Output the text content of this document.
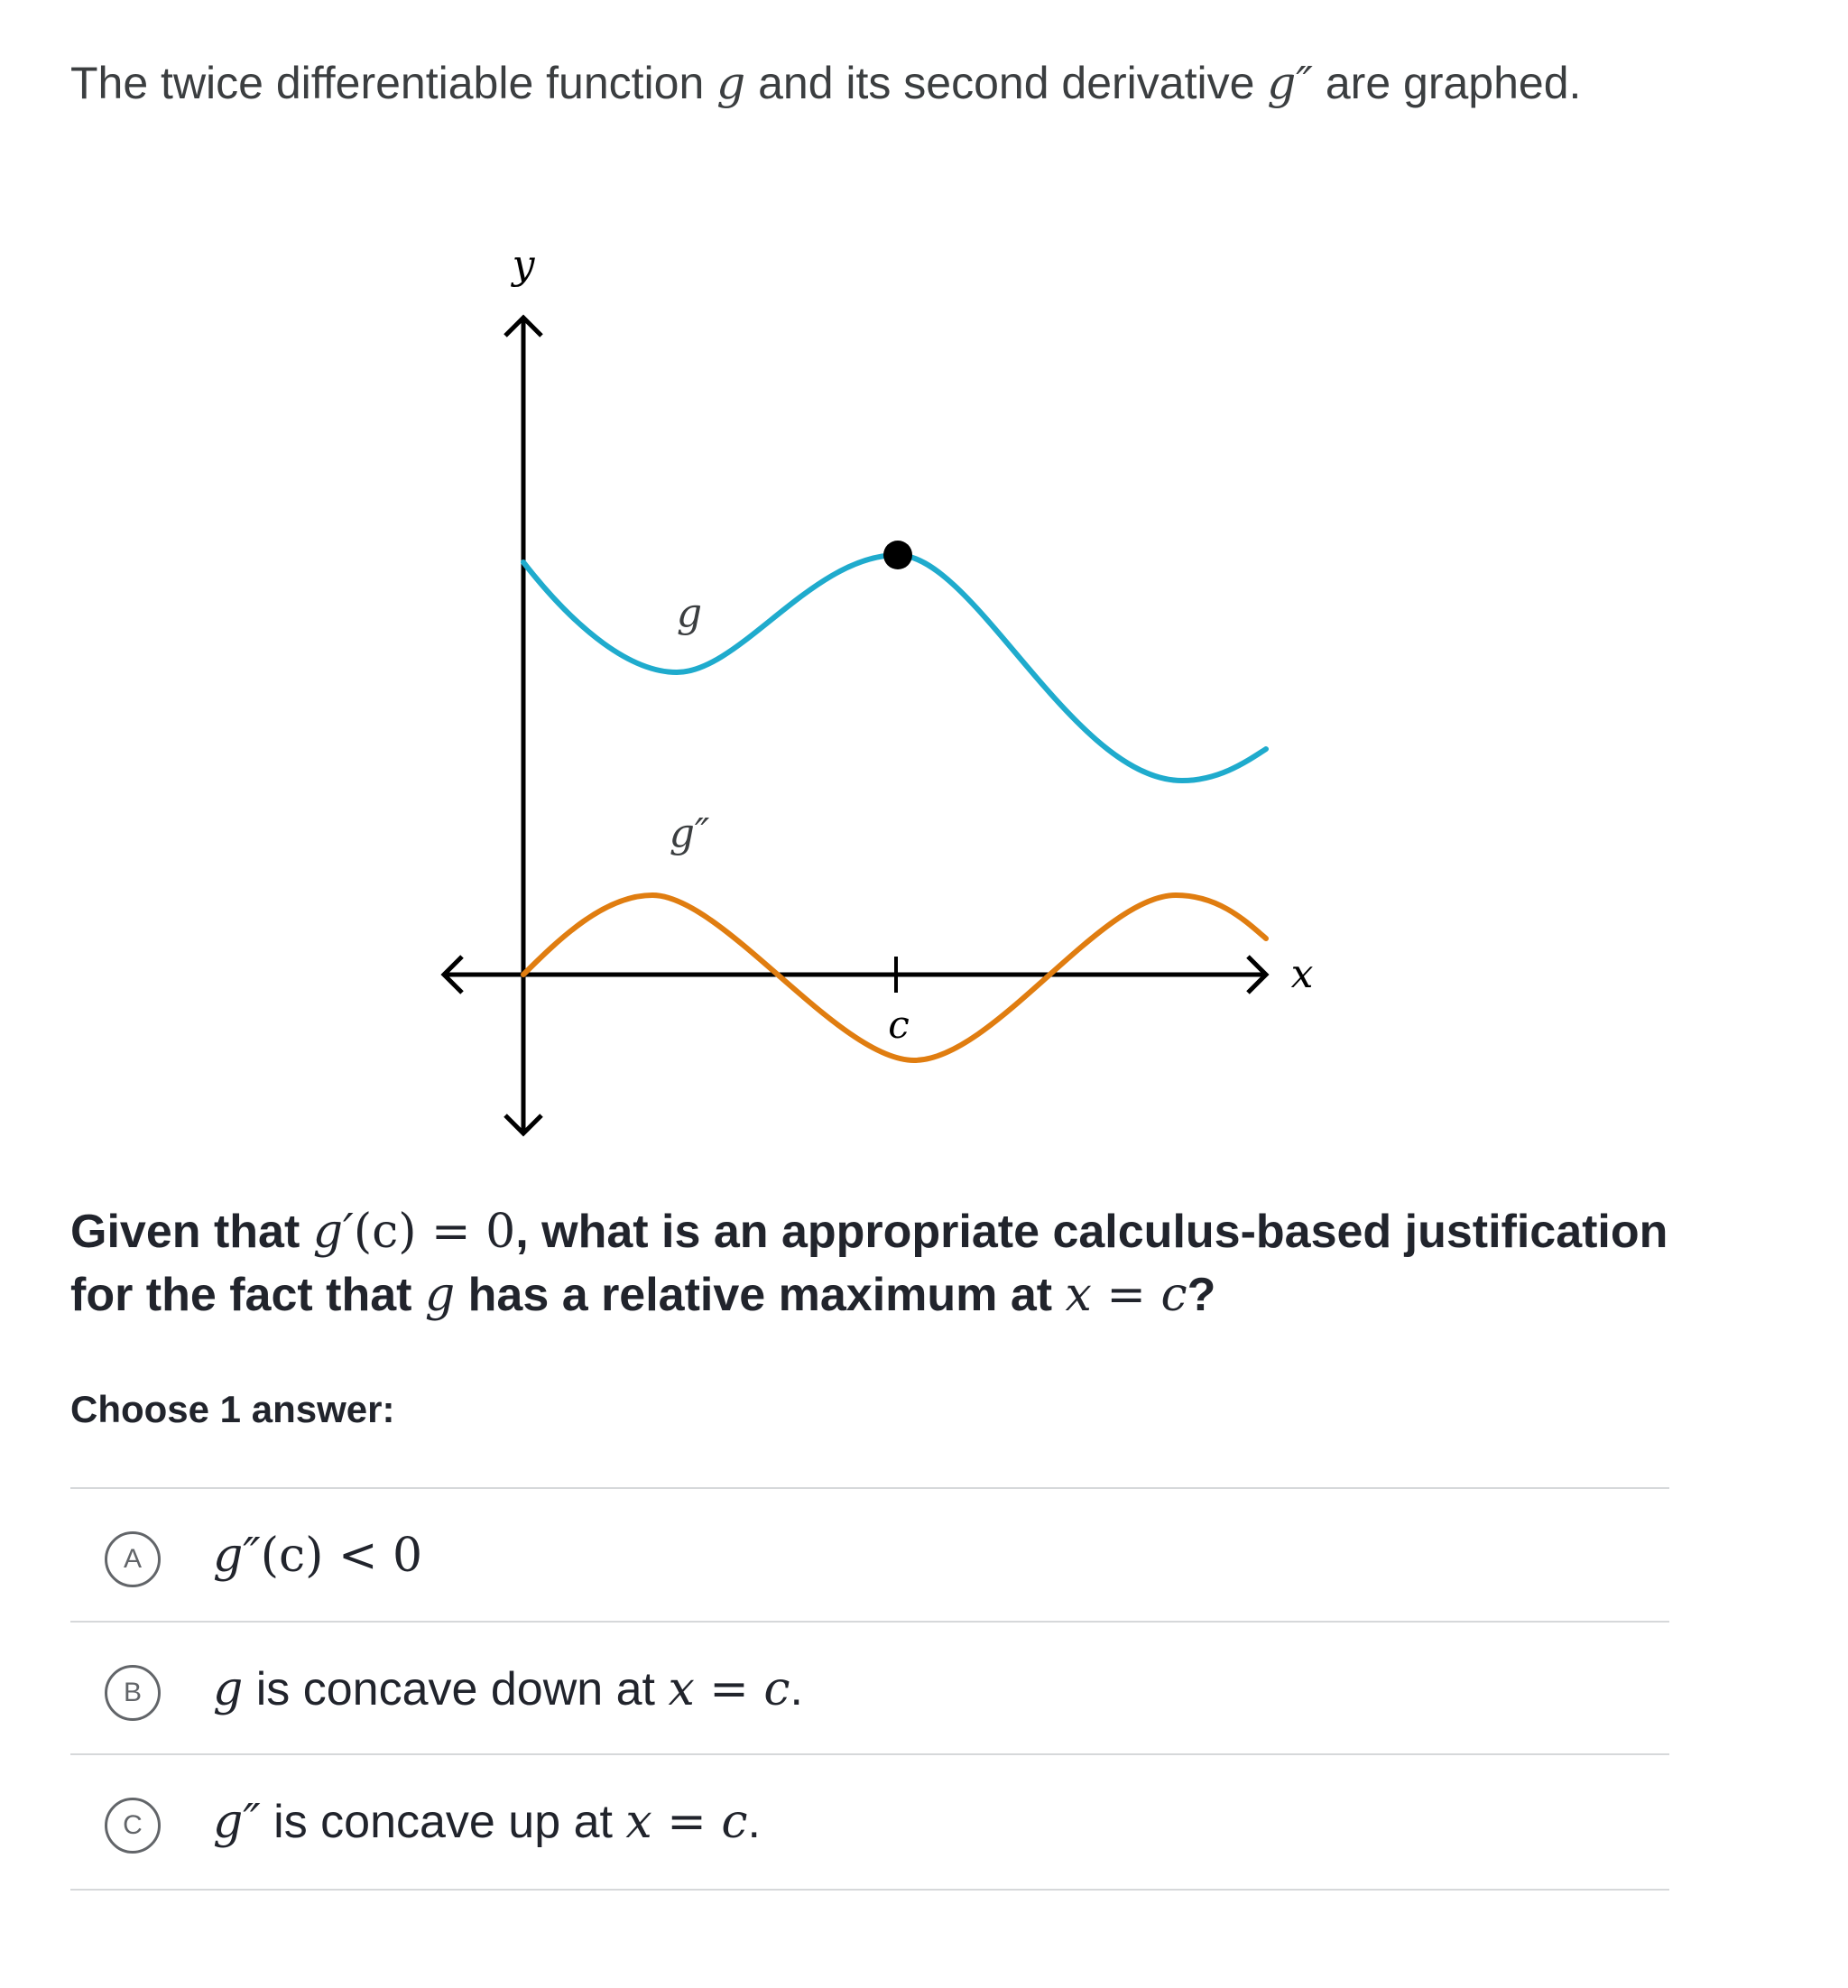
The twice differentiable function g and its second derivative g″ are graphed.
y
x
c
g
g″
Given that g′(c) = 0, what is an appropriate calculus-based justification for the fact that g has a relative maximum at x = c?
Choose 1 answer:
A	g″(c) < 0
B	g is concave down at x = c.
C	g″ is concave up at x = c.
